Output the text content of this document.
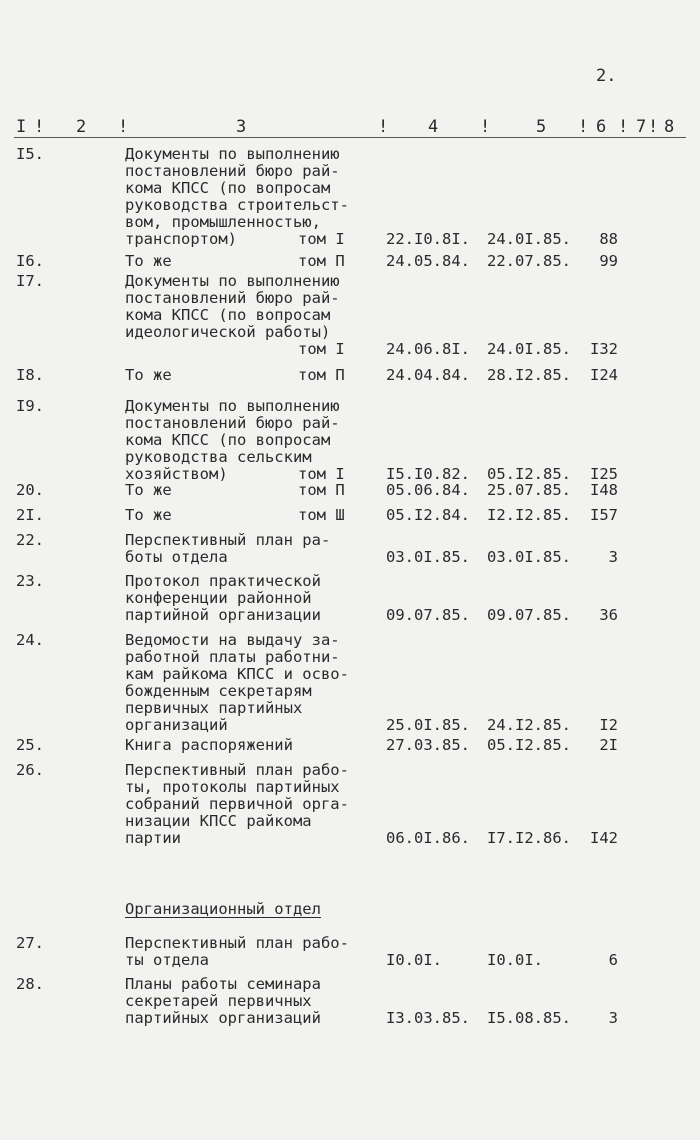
2.
I ! 2 !	3	! 4 !	5 ! 6 ! 7 ! 8
I5.	Документы по выполнению
постановлений бюро рай-
кома КПСС (по вопросам
руководства строительст-
вом, промышленностью,
транспортом)	том I	22.I0.8I. 24.0I.85. 88
I6.	То же	том П	24.05.84. 22.07.85. 99
I7.	Документы по выполнению
постановлений бюро рай-
кома КПСС (по вопросам
идеологической работы)

том I	24.06.8I. 24.0I.85. I32
I8.	То же	том П	24.04.84. 28.I2.85. I24
I9.	Документы по выполнению
постановлений бюро рай-
кома КПСС (по вопросам
руководства сельским
хозяйством)	том I	I5.I0.82. 05.I2.85. I25
20.	То же	том П	05.06.84. 25.07.85. I48
2I.	То же	том Ш	05.I2.84. I2.I2.85. I57
22.	Перспективный план ра-
боты отдела	03.0I.85. 03.0I.85. 3
23.	Протокол практической
конференции районной
партийной организации	09.07.85. 09.07.85. 36
24.	Ведомости на выдачу за-
работной платы работни-
кам райкома КПСС и осво-
божденным секретарям
первичных партийных
организаций	25.0I.85. 24.I2.85. I2
25.	Книга распоряжений	27.03.85. 05.I2.85. 2I
26.	Перспективный план рабо-
ты, протоколы партийных
собраний первичной орга-
низации КПСС райкома
партии	06.0I.86. I7.I2.86. I42
Организационный отдел
27.	Перспективный план рабо-
ты отдела	I0.0I.	I0.0I.	6
28.	Планы работы семинара
секретарей первичных
партийных организаций	I3.03.85. I5.08.85. 3
